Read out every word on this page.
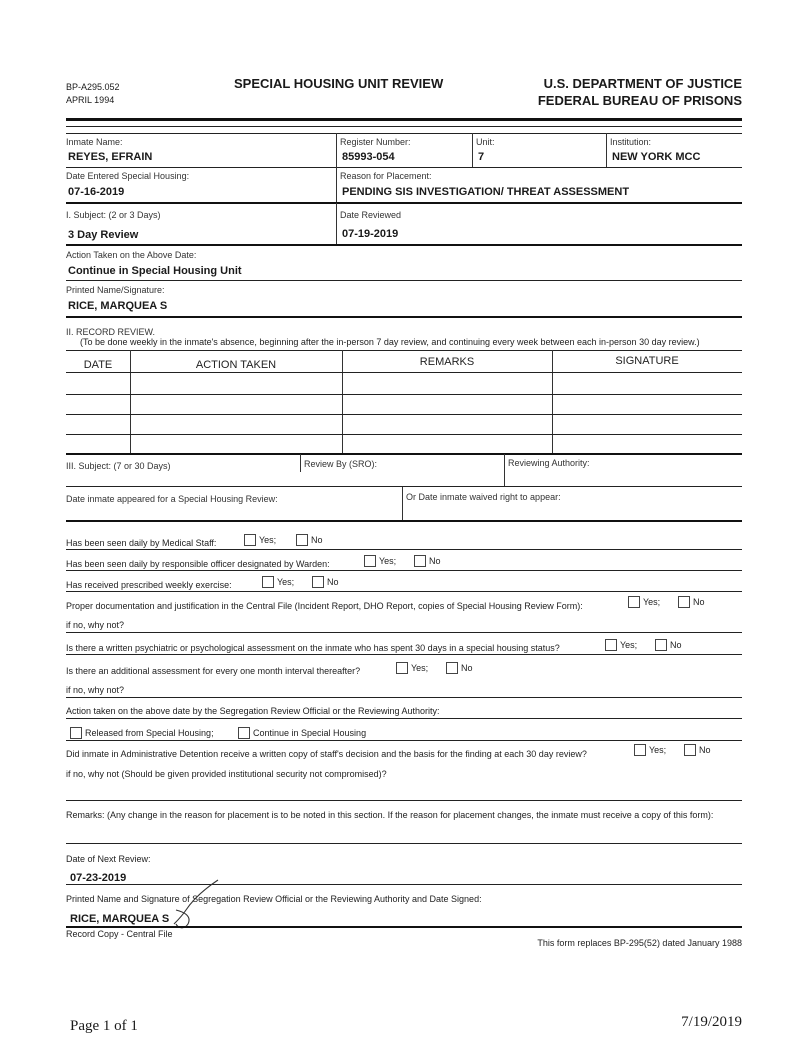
BP-A295.052
APRIL 1994
SPECIAL HOUSING UNIT REVIEW	U.S. DEPARTMENT OF JUSTICE
FEDERAL BUREAU OF PRISONS
Inmate Name:
REYES, EFRAIN
Register Number:
85993-054
Unit:
7
Institution:
NEW YORK MCC
Date Entered Special Housing:
07-16-2019
Reason for Placement:
PENDING SIS INVESTIGATION/ THREAT ASSESSMENT
I. Subject: (2 or 3 Days)
3 Day Review
Date Reviewed
07-19-2019
Action Taken on the Above Date:
Continue in Special Housing Unit
Printed Name/Signature:
RICE, MARQUEA S
II. RECORD REVIEW.
(To be done weekly in the inmate's absence, beginning after the in-person 7 day review, and continuing every week between each in-person 30 day review.)
DATE	ACTION TAKEN	REMARKS	SIGNATURE
III. Subject: (7 or 30 Days)	Review By (SRO):	Reviewing Authority:
Date inmate appeared for a Special Housing Review:	Or Date inmate waived right to appear:
Has been seen daily by Medical Staff:	Yes;	No
Has been seen daily by responsible officer designated by Warden:	Yes;	No
Has received prescribed weekly exercise:	Yes;	No
Proper documentation and justification in the Central File (Incident Report, DHO Report, copies of Special Housing Review Form):	Yes;	No
if no, why not?
Is there a written psychiatric or psychological assessment on the inmate who has spent 30 days in a special housing status?	Yes;	No
Is there an additional assessment for every one month interval thereafter?	Yes;	No
if no, why not?
Action taken on the above date by the Segregation Review Official or the Reviewing Authority:
Released from Special Housing;	Continue in Special Housing
Did inmate in Administrative Detention receive a written copy of staff's decision and the basis for the finding at each 30 day review?	Yes;	No
if no, why not (Should be given provided institutional security not compromised)?
Remarks: (Any change in the reason for placement is to be noted in this section. If the reason for placement changes, the inmate must receive a copy of this form):
Date of Next Review:
07-23-2019
Printed Name and Signature of Segregation Review Official or the Reviewing Authority and Date Signed:
RICE, MARQUEA S
Record Copy - Central File
This form replaces BP-295(52) dated January 1988
Page 1 of 1	7/19/2019
